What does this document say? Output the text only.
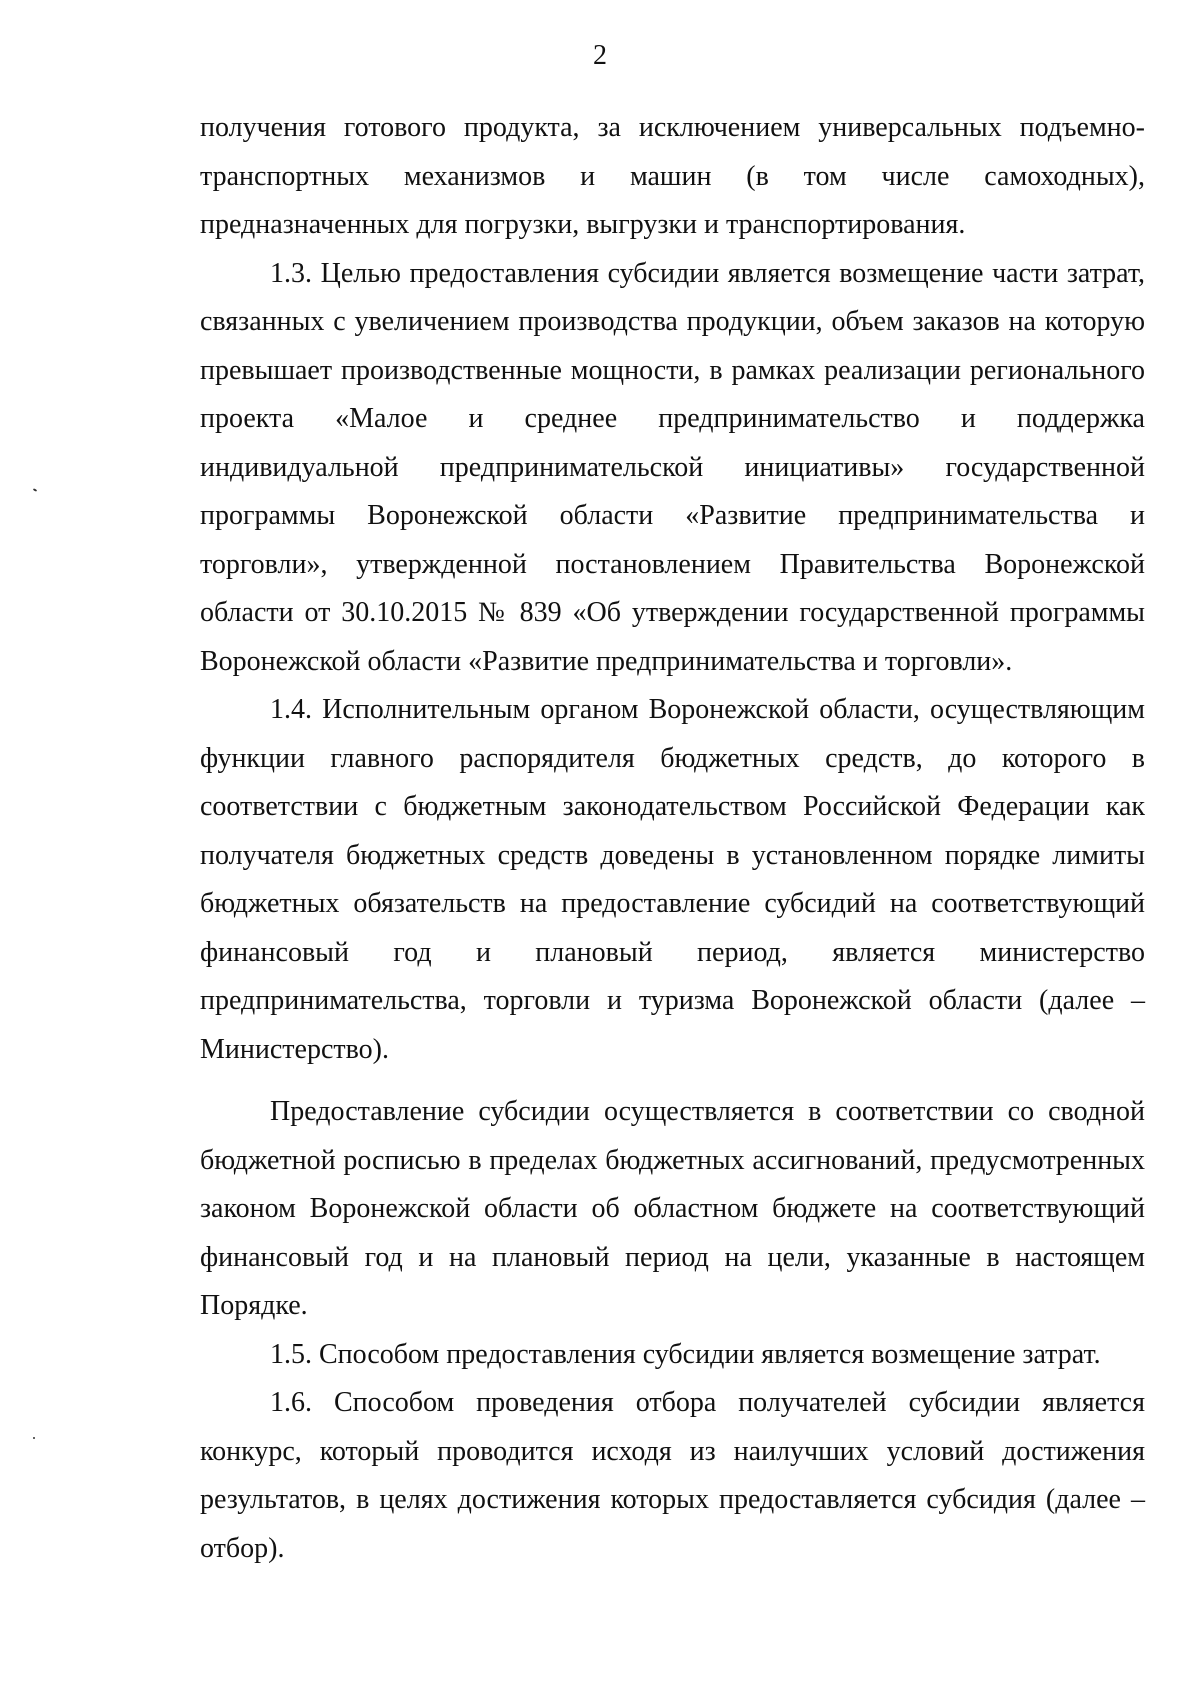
2

получения готового продукта, за исключением универсальных подъемно-транспортных механизмов и машин (в том числе самоходных), предназначенных для погрузки, выгрузки и транспортирования.

1.3. Целью предоставления субсидии является возмещение части затрат, связанных с увеличением производства продукции, объем заказов на которую превышает производственные мощности, в рамках реализации регионального проекта «Малое и среднее предпринимательство и поддержка индивидуальной предпринимательской инициативы» государственной программы Воронежской области «Развитие предпринимательства и торговли», утвержденной постановлением Правительства Воронежской области от 30.10.2015 № 839 «Об утверждении государственной программы Воронежской области «Развитие предпринимательства и торговли».

1.4. Исполнительным органом Воронежской области, осуществляющим функции главного распорядителя бюджетных средств, до которого в соответствии с бюджетным законодательством Российской Федерации как получателя бюджетных средств доведены в установленном порядке лимиты бюджетных обязательств на предоставление субсидий на соответствующий финансовый год и плановый период, является министерство предпринимательства, торговли и туризма Воронежской области (далее – Министерство).

Предоставление субсидии осуществляется в соответствии со сводной бюджетной росписью в пределах бюджетных ассигнований, предусмотренных законом Воронежской области об областном бюджете на соответствующий финансовый год и на плановый период на цели, указанные в настоящем Порядке.

1.5. Способом предоставления субсидии является возмещение затрат.

1.6. Способом проведения отбора получателей субсидии является конкурс, который проводится исходя из наилучших условий достижения результатов, в целях достижения которых предоставляется субсидия (далее – отбор).
